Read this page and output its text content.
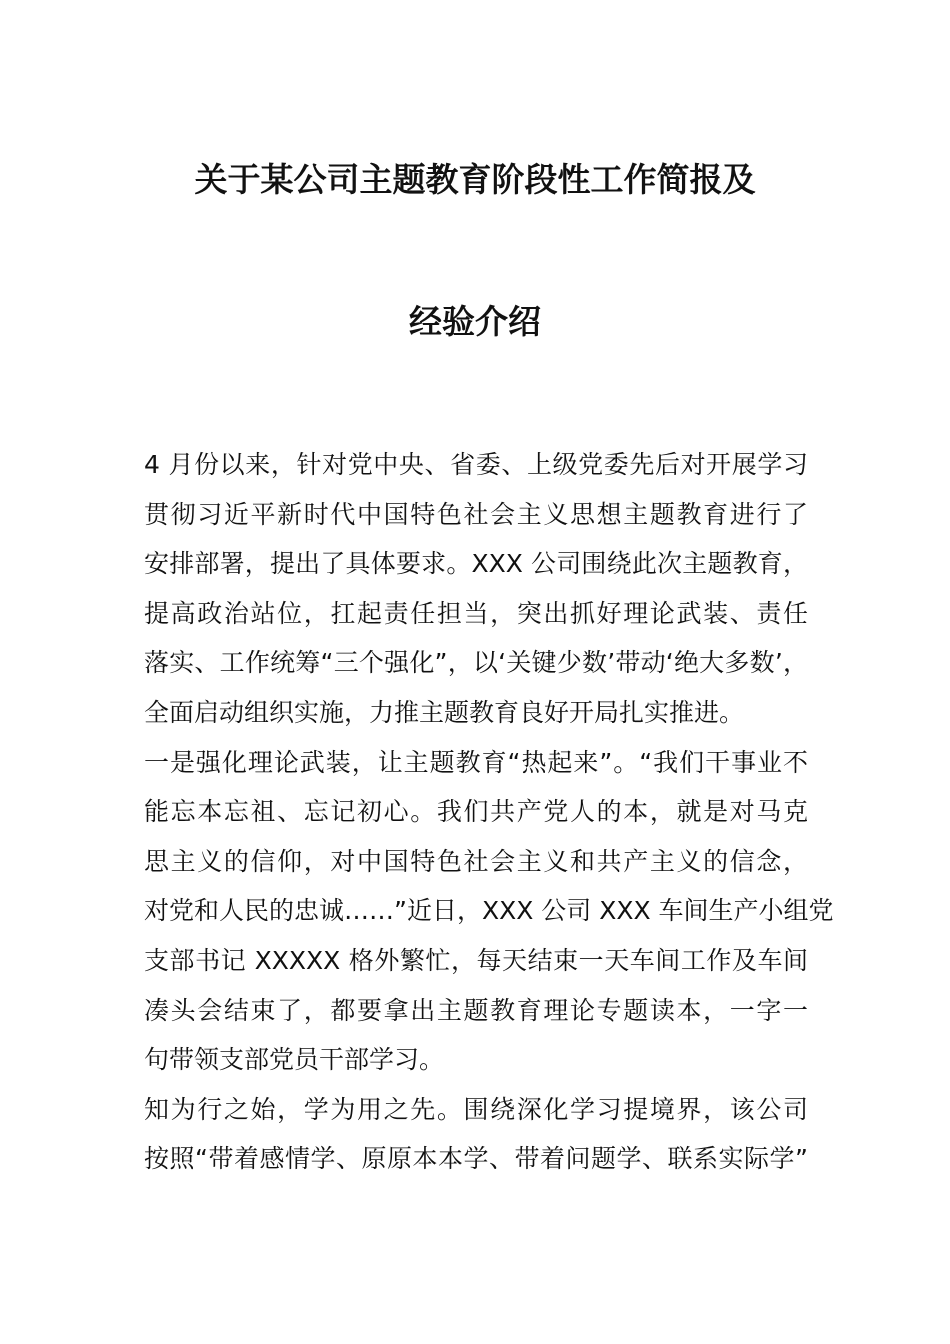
关于某公司主题教育阶段性工作简报及
经验介绍
4 月份以来，针对党中央、省委、上级党委先后对开展学习
贯彻习近平新时代中国特色社会主义思想主题教育进行了
安排部署，提出了具体要求。XXX 公司围绕此次主题教育，
提高政治站位，扛起责任担当，突出抓好理论武装、责任
落实、工作统筹“三个强化”，以‘关键少数’带动‘绝大多数’，
全面启动组织实施，力推主题教育良好开局扎实推进。
一是强化理论武装，让主题教育“热起来”。“我们干事业不
能忘本忘祖、忘记初心。我们共产党人的本，就是对马克
思主义的信仰，对中国特色社会主义和共产主义的信念，
对党和人民的忠诚……”近日，XXX 公司 XXX 车间生产小组党
支部书记 XXXXX 格外繁忙，每天结束一天车间工作及车间
凑头会结束了，都要拿出主题教育理论专题读本，一字一
句带领支部党员干部学习。
知为行之始，学为用之先。围绕深化学习提境界，该公司
按照“带着感情学、原原本本学、带着问题学、联系实际学”
